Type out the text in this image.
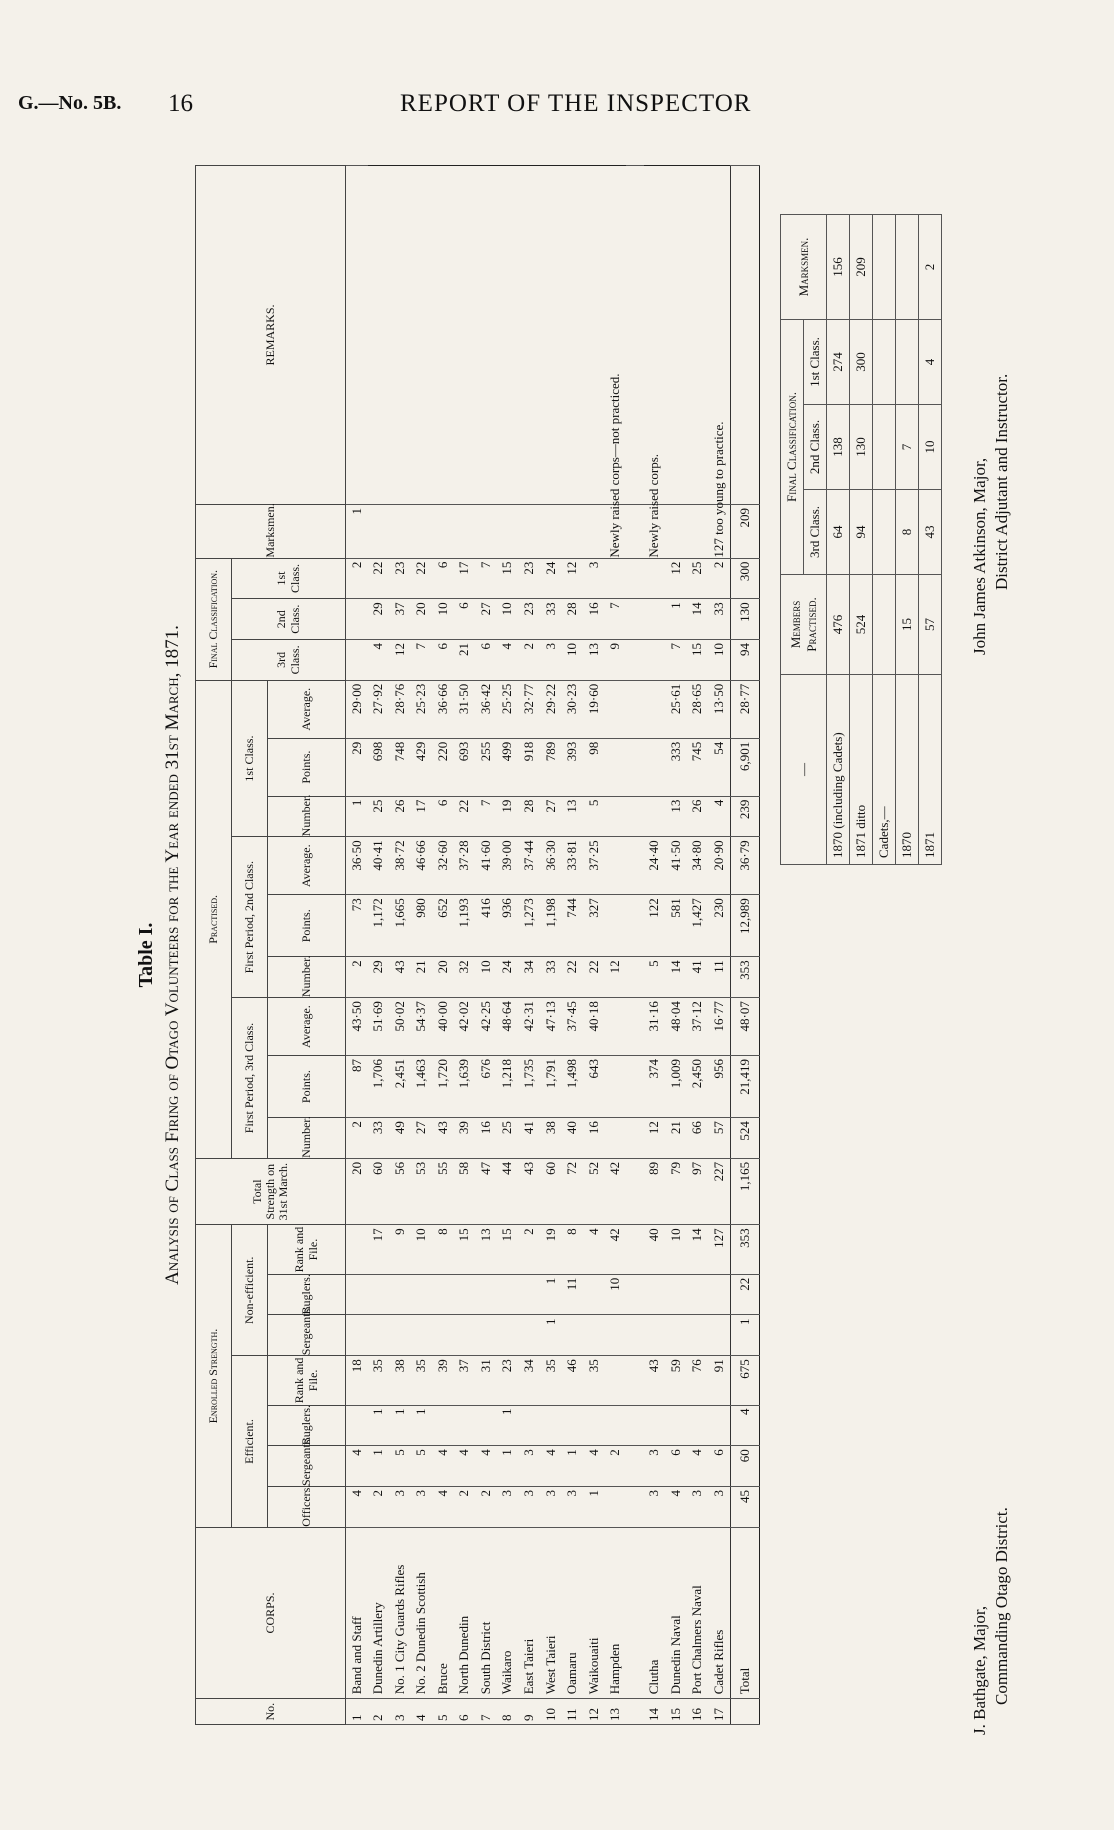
G.—No. 5B. 16	REPORT OF THE INSPECTOR
Table I. Analysis of Class Firing of Otago Volunteers for the Year ended 31st March, 1871.
No.	CORPS.	Enrolled Strength.							Total Strength on 31st March.	Practised.									Final Classification.			Marksmen.	REMARKS.
		Efficient.				Non-efficient.				First Period, 3rd Class.			First Period, 2nd Class.			1st Class.			3rd Class.	2nd Class.	1st Class.		
		Officers.	Sergeants.	Buglers.	Rank and File.	Sergeants.	Buglers.	Rank and File.		Number.	Points.	Average.	Number.	Points.	Average.	Number.	Points.	Average.					
1	Band and Staff	4	4		18				20	2	87	43·50	2	73	36·50	1	29	29·00			2	1	
2	Dunedin Artillery	2	1	1	35			17	60	33	1,706	51·69	29	1,172	40·41	25	698	27·92	4	29	22		
3	No. 1 City Guards Rifles	3	5	1	38			9	56	49	2,451	50·02	43	1,665	38·72	26	748	28·76	12	37	23		
4	No. 2 Dunedin Scottish	3	5	1	35			10	53	27	1,463	54·37	21	980	46·66	17	429	25·23	7	20	22		
5	Bruce	4	4		39			8	55	43	1,720	40·00	20	652	32·60	6	220	36·66	6	10	6		
6	North Dunedin	2	4		37			15	58	39	1,639	42·02	32	1,193	37·28	22	693	31·50	21	6	17		
7	South District	2	4		31			13	47	16	676	42·25	10	416	41·60	7	255	36·42	6	27	7		
8	Waikaro	3	1	1	23			15	44	25	1,218	48·64	24	936	39·00	19	499	25·25	4	10	15		
9	East Taieri	3	3		34			2	43	41	1,735	42·31	34	1,273	37·44	28	918	32·77	2	23	23		
10	West Taieri	3	4		35	1	1	19	60	38	1,791	47·13	33	1,198	36·30	27	789	29·22	3	33	24		
11	Oamaru	3	1		46		11	8	72	40	1,498	37·45	22	744	33·81	13	393	30·23	10	28	12		
12	Waikouaiti	1	4		35			4	52	16	643	40·18	22	327	37·25	5	98	19·60	13	16	3		
13	Hampden		2				10	42	42				12						9	7		Newly raised corps—not practiced.	

14	Clutha	3	3		43			40	89	12	374	31·16	5	122	24·40							Newly raised corps.	
15	Dunedin Naval	4	6		59			10	79	21	1,009	48·04	14	581	41·50	13	333	25·61	7	1	12		
16	Port Chalmers Naval	3	4		76			14	97	66	2,450	37·12	41	1,427	34·80	26	745	28·65	15	14	25		
17	Cadet Rifles	3	6		91			127	227	57	956	16·77	11	230	20·90	4	54	13·50	10	33	2	127 too young to practice.	
	Total	45	60	4	675	1	22	353	1,165	524	21,419	48·07	353	12,989	36·79	239	6,901	28·77	94	130	300	209	
—	Members Practised.	Final Classification.			Marksmen.
		3rd Class.	2nd Class.	1st Class.	
1870 (including Cadets)	476	64	138	274	156
1871 ditto	524	94	130	300	209
Cadets,—					
1870	15	8	7		
1871	57	43	10	4	2
J. Bathgate, Major, Commanding Otago District.
John James Atkinson, Major, District Adjutant and Instructor.
